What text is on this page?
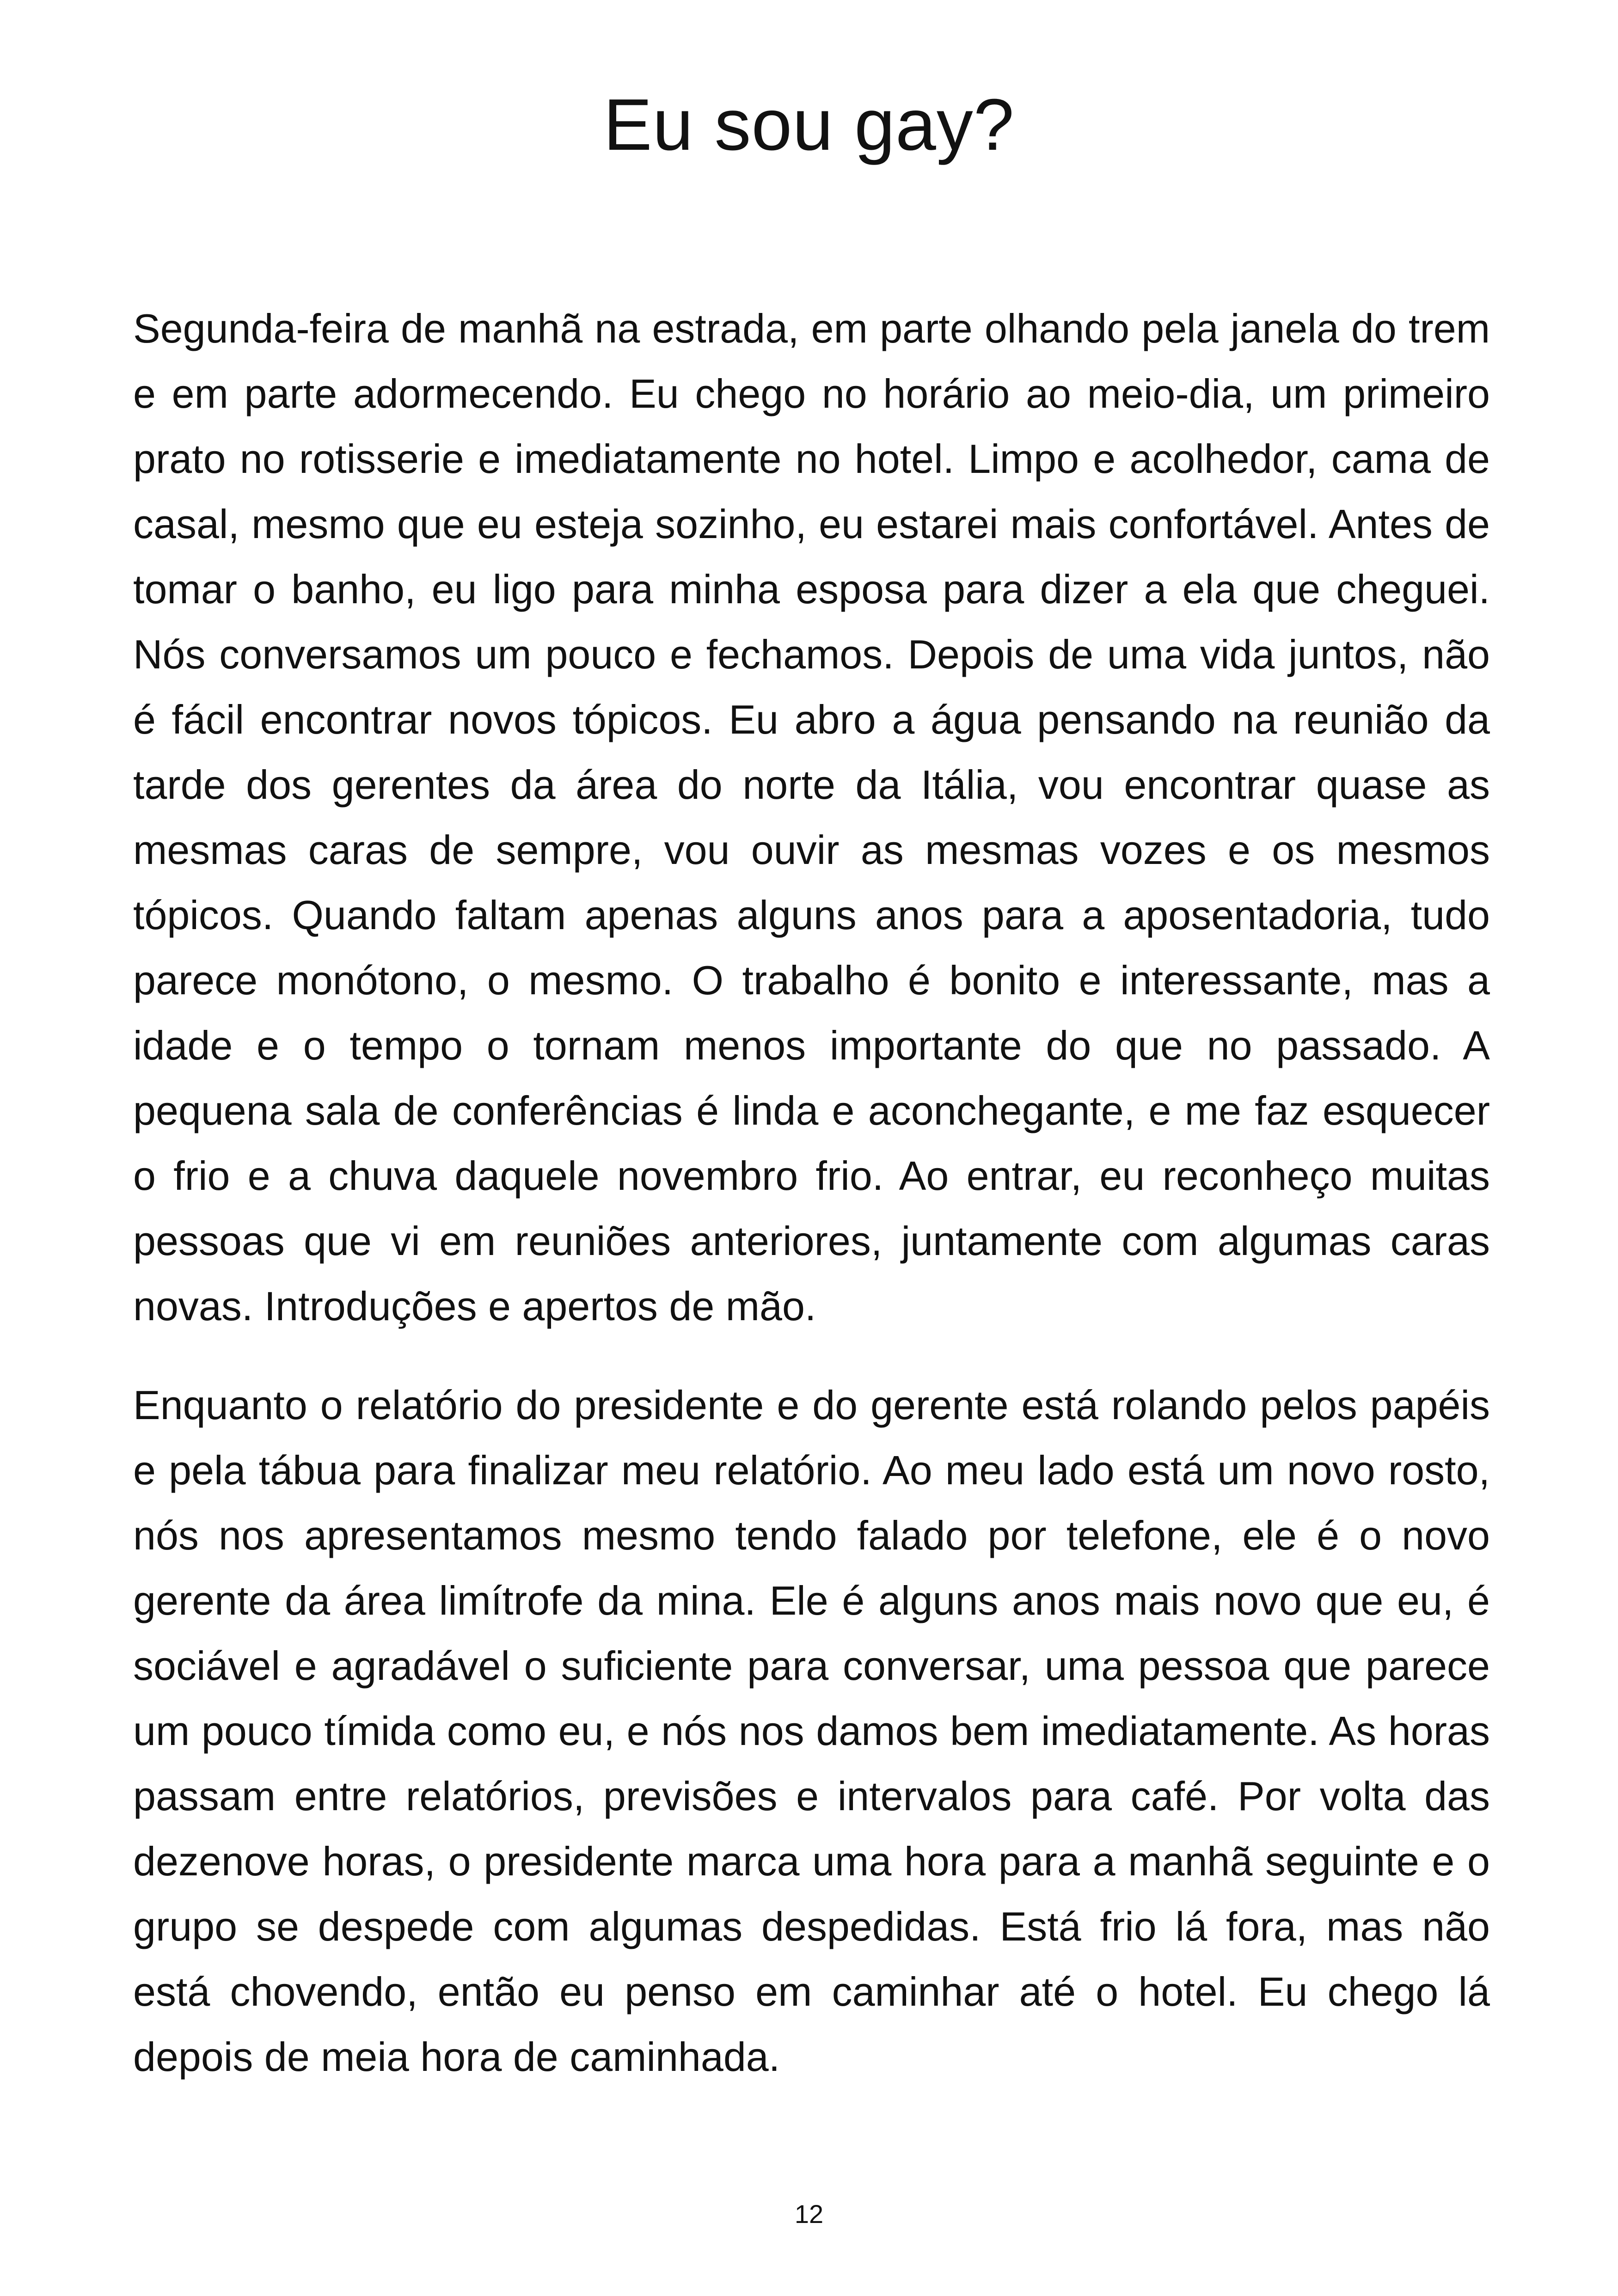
Eu sou gay?

Segunda-feira de manhã na estrada, em parte olhando pela janela do trem e em parte adormecendo. Eu chego no horário ao meio-dia, um primeiro prato no rotisserie e imediatamente no hotel. Limpo e acolhedor, cama de casal, mesmo que eu esteja sozinho, eu estarei mais confortável. Antes de tomar o banho, eu ligo para minha esposa para dizer a ela que cheguei. Nós conversamos um pouco e fechamos. Depois de uma vida juntos, não é fácil encontrar novos tópicos. Eu abro a água pensando na reunião da tarde dos gerentes da área do norte da Itália, vou encontrar quase as mesmas caras de sempre, vou ouvir as mesmas vozes e os mesmos tópicos. Quando faltam apenas alguns anos para a aposentadoria, tudo parece monótono, o mesmo. O trabalho é bonito e interessante, mas a idade e o tempo o tornam menos importante do que no passado. A pequena sala de conferências é linda e aconchegante, e me faz esquecer o frio e a chuva daquele novembro frio. Ao entrar, eu reconheço muitas pessoas que vi em reuniões anteriores, juntamente com algumas caras novas. Introduções e apertos de mão.

Enquanto o relatório do presidente e do gerente está rolando pelos papéis e pela tábua para finalizar meu relatório. Ao meu lado está um novo rosto, nós nos apresentamos mesmo tendo falado por telefone, ele é o novo gerente da área limítrofe da mina. Ele é alguns anos mais novo que eu, é sociável e agradável o suficiente para conversar, uma pessoa que parece um pouco tímida como eu, e nós nos damos bem imediatamente. As horas passam entre relatórios, previsões e intervalos para café. Por volta das dezenove horas, o presidente marca uma hora para a manhã seguinte e o grupo se despede com algumas despedidas. Está frio lá fora, mas não está chovendo, então eu penso em caminhar até o hotel. Eu chego lá depois de meia hora de caminhada.

12
